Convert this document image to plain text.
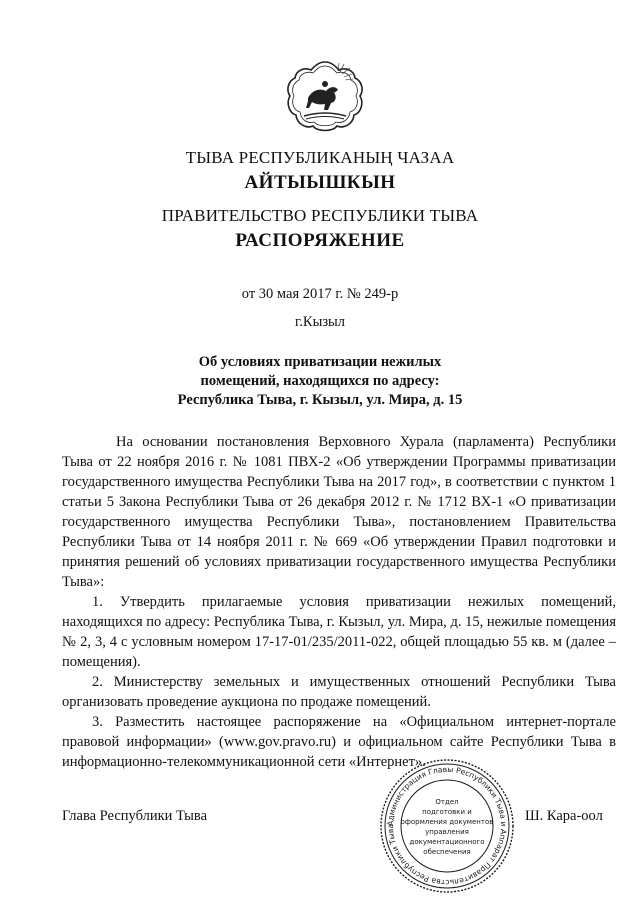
ТЫВА РЕСПУБЛИКАНЫҢ ЧАЗАА
АЙТЫЫШКЫН
ПРАВИТЕЛЬСТВО РЕСПУБЛИКИ ТЫВА
РАСПОРЯЖЕНИЕ
от 30 мая 2017 г. № 249-р
г.Кызыл
Об условиях приватизации нежилых
помещений, находящихся по адресу:
Республика Тыва, г. Кызыл, ул. Мира, д. 15

На основании постановления Верховного Хурала (парламента) Республики Тыва от 22 ноября 2016 г. № 1081 ПВХ-2 «Об утверждении Программы приватизации государственного имущества Республики Тыва на 2017 год», в соответствии с пунктом 1 статьи 5 Закона Республики Тыва от 26 декабря 2012 г. № 1712 ВХ-1 «О приватизации государственного имущества Республики Тыва», постановлением Правительства Республики Тыва от 14 ноября 2011 г. № 669 «Об утверждении Правил подготовки и принятия решений об условиях приватизации государственного имущества Республики Тыва»:

1. Утвердить прилагаемые условия приватизации нежилых помещений, находящихся по адресу: Республика Тыва, г. Кызыл, ул. Мира, д. 15, нежилые помещения № 2, 3, 4 с условным номером 17-17-01/235/2011-022, общей площадью 55 кв. м (далее – помещения).

2. Министерству земельных и имущественных отношений Республики Тыва организовать проведение аукциона по продаже помещений.

3. Разместить настоящее распоряжение на «Официальном интернет-портале правовой информации» (www.gov.pravo.ru) и официальном сайте Республики Тыва в информационно-телекоммуникационной сети «Интернет».

Глава Республики Тыва	Ш. Кара-оол
Администрация Главы Республики Тыва и Аппарат Правительства Республики Тыва
Отдел
подготовки и
оформления документов
управления
документационного
обеспечения
